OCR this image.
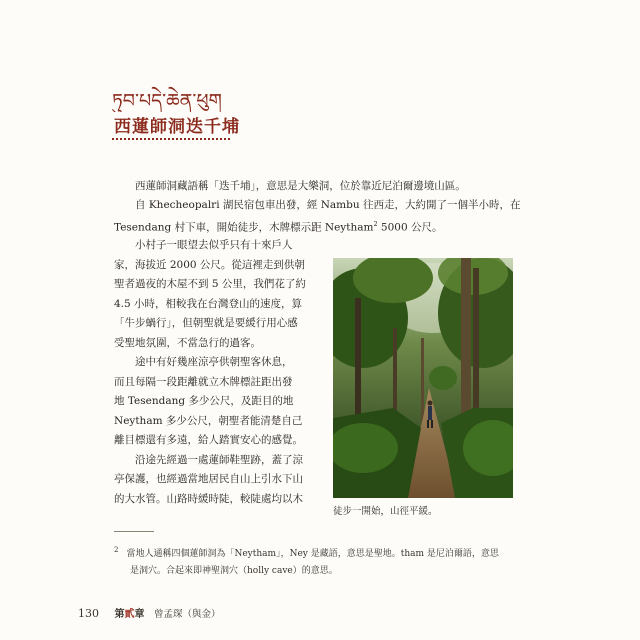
ཏུབ་པདེ་ཆེན་ཕུག
西蓮師洞迭千埔
西蓮師洞藏語稱「迭千埔」，意思是大樂洞，位於靠近尼泊爾邊境山區。
自 Khecheopalri 湖民宿包車出發，經 Nambu 往西走，大約開了一個半小時，在
Tesendang 村下車，開始徒步，木牌標示距 Neytham$^2$ 5000 公尺。
小村子一眼望去似乎只有十來戶人
家，海拔近 2000 公尺。從這裡走到供朝
聖者過夜的木屋不到 5 公里，我們花了約
4.5 小時，相較我在台灣登山的速度，算
「牛步蝸行」，但朝聖就是要緩行用心感
受聖地氛圍，不當急行的過客。
途中有好幾座涼亭供朝聖客休息，
而且每隔一段距離就立木牌標註距出發
地 Tesendang 多少公尺，及距目的地
Neytham 多少公尺，朝聖者能清楚自己
離目標還有多遠，給人踏實安心的感覺。
沿途先經過一處蓮師鞋聖跡，蓋了涼
亭保護，也經過當地居民自山上引水下山
的大水管。山路時緩時陡，較陡處均以木
徒步一開始，山徑平緩。
$^2$ 當地人通稱四個蓮師洞為「Neytham」，Ney 是藏語，意思是聖地。tham 是尼泊爾語，意思
是洞穴。合起來即神聖洞穴（holly cave）的意思。
130 第貳章 曾孟琛（與金）
